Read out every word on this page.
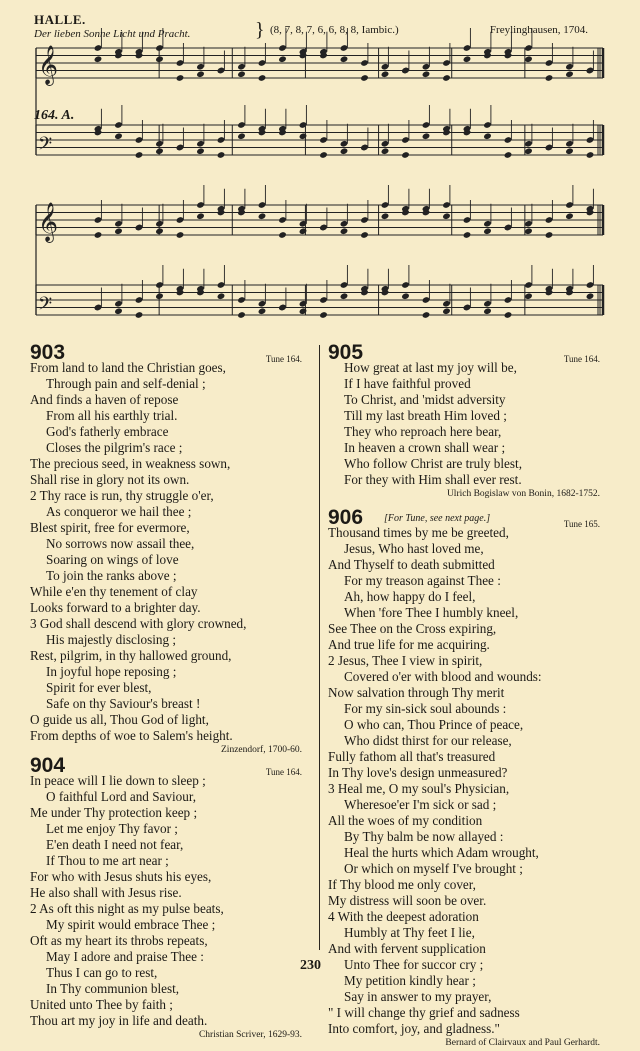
HALLE.
Der lieben Sonne Licht und Pracht.	} (8, 7, 8, 7, 6, 6, 8, 8, Iambic.)	Freylinghausen, 1704.
164. A.
𝄞
𝄢
𝄞
𝄢
903	Tune 164.
From land to land the Christian goes,
Through pain and self-denial ;
And finds a haven of repose
From all his earthly trial.
God's fatherly embrace
Closes the pilgrim's race ;
The precious seed, in weakness sown,
Shall rise in glory not its own.
2 Thy race is run, thy struggle o'er,
As conqueror we hail thee ;
Blest spirit, free for evermore,
No sorrows now assail thee,
Soaring on wings of love
To join the ranks above ;
While e'en thy tenement of clay
Looks forward to a brighter day.
3 God shall descend with glory crowned,
His majestly disclosing ;
Rest, pilgrim, in thy hallowed ground,
In joyful hope reposing ;
Spirit for ever blest,
Safe on thy Saviour's breast !
O guide us all, Thou God of light,
From depths of woe to Salem's height.
Zinzendorf, 1700-60.
904	Tune 164.
In peace will I lie down to sleep ;
O faithful Lord and Saviour,
Me under Thy protection keep ;
Let me enjoy Thy favor ;
E'en death I need not fear,
If Thou to me art near ;
For who with Jesus shuts his eyes,
He also shall with Jesus rise.
2 As oft this night as my pulse beats,
My spirit would embrace Thee ;
Oft as my heart its throbs repeats,
May I adore and praise Thee :
Thus I can go to rest,
In Thy communion blest,
United unto Thee by faith ;
Thou art my joy in life and death.
Christian Scriver, 1629-93.
905	Tune 164.
How great at last my joy will be,
If I have faithful proved
To Christ, and 'midst adversity
Till my last breath Him loved ;
They who reproach here bear,
In heaven a crown shall wear ;
Who follow Christ are truly blest,
For they with Him shall ever rest.
Ulrich Bogislaw von Bonin, 1682-1752.
906 [For Tune, see next page.]	Tune 165.
Thousand times by me be greeted,
Jesus, Who hast loved me,
And Thyself to death submitted
For my treason against Thee :
Ah, how happy do I feel,
When 'fore Thee I humbly kneel,
See Thee on the Cross expiring,
And true life for me acquiring.
2 Jesus, Thee I view in spirit,
Covered o'er with blood and wounds:
Now salvation through Thy merit
For my sin-sick soul abounds :
O who can, Thou Prince of peace,
Who didst thirst for our release,
Fully fathom all that's treasured
In Thy love's design unmeasured?
3 Heal me, O my soul's Physician,
Wheresoe'er I'm sick or sad ;
All the woes of my condition
By Thy balm be now allayed :
Heal the hurts which Adam wrought,
Or which on myself I've brought ;
If Thy blood me only cover,
My distress will soon be over.
4 With the deepest adoration
Humbly at Thy feet I lie,
And with fervent supplication
Unto Thee for succor cry ;
My petition kindly hear ;
Say in answer to my prayer,
" I will change thy grief and sadness
Into comfort, joy, and gladness."
Bernard of Clairvaux and Paul Gerhardt.
230
